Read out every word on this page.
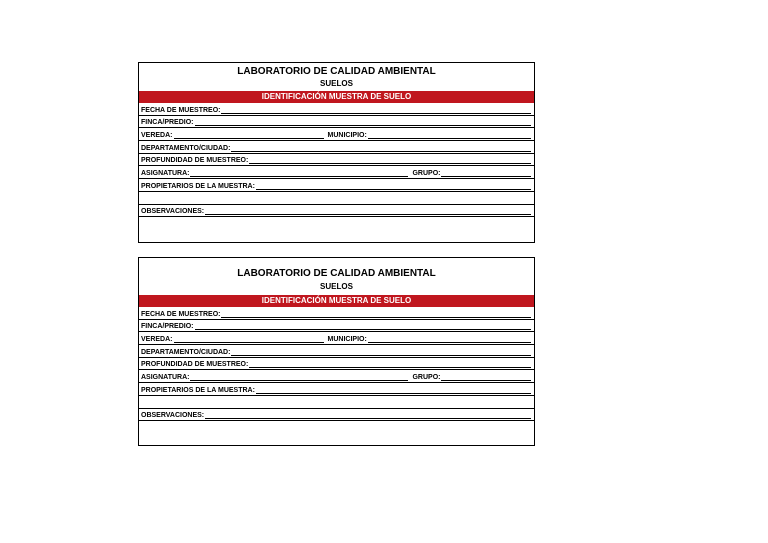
LABORATORIO DE CALIDAD AMBIENTAL
SUELOS
IDENTIFICACIÓN MUESTRA DE SUELO
FECHA DE MUESTREO:
FINCA/PREDIO:
VEREDA:	MUNICIPIO:
DEPARTAMENTO/CIUDAD:
PROFUNDIDAD DE MUESTREO:
ASIGNATURA:	GRUPO:
PROPIETARIOS DE LA MUESTRA:
OBSERVACIONES:
LABORATORIO DE CALIDAD AMBIENTAL
SUELOS
IDENTIFICACIÓN MUESTRA DE SUELO
FECHA DE MUESTREO:
FINCA/PREDIO:
VEREDA:	MUNICIPIO:
DEPARTAMENTO/CIUDAD:
PROFUNDIDAD DE MUESTREO:
ASIGNATURA:	GRUPO:
PROPIETARIOS DE LA MUESTRA:
OBSERVACIONES:
